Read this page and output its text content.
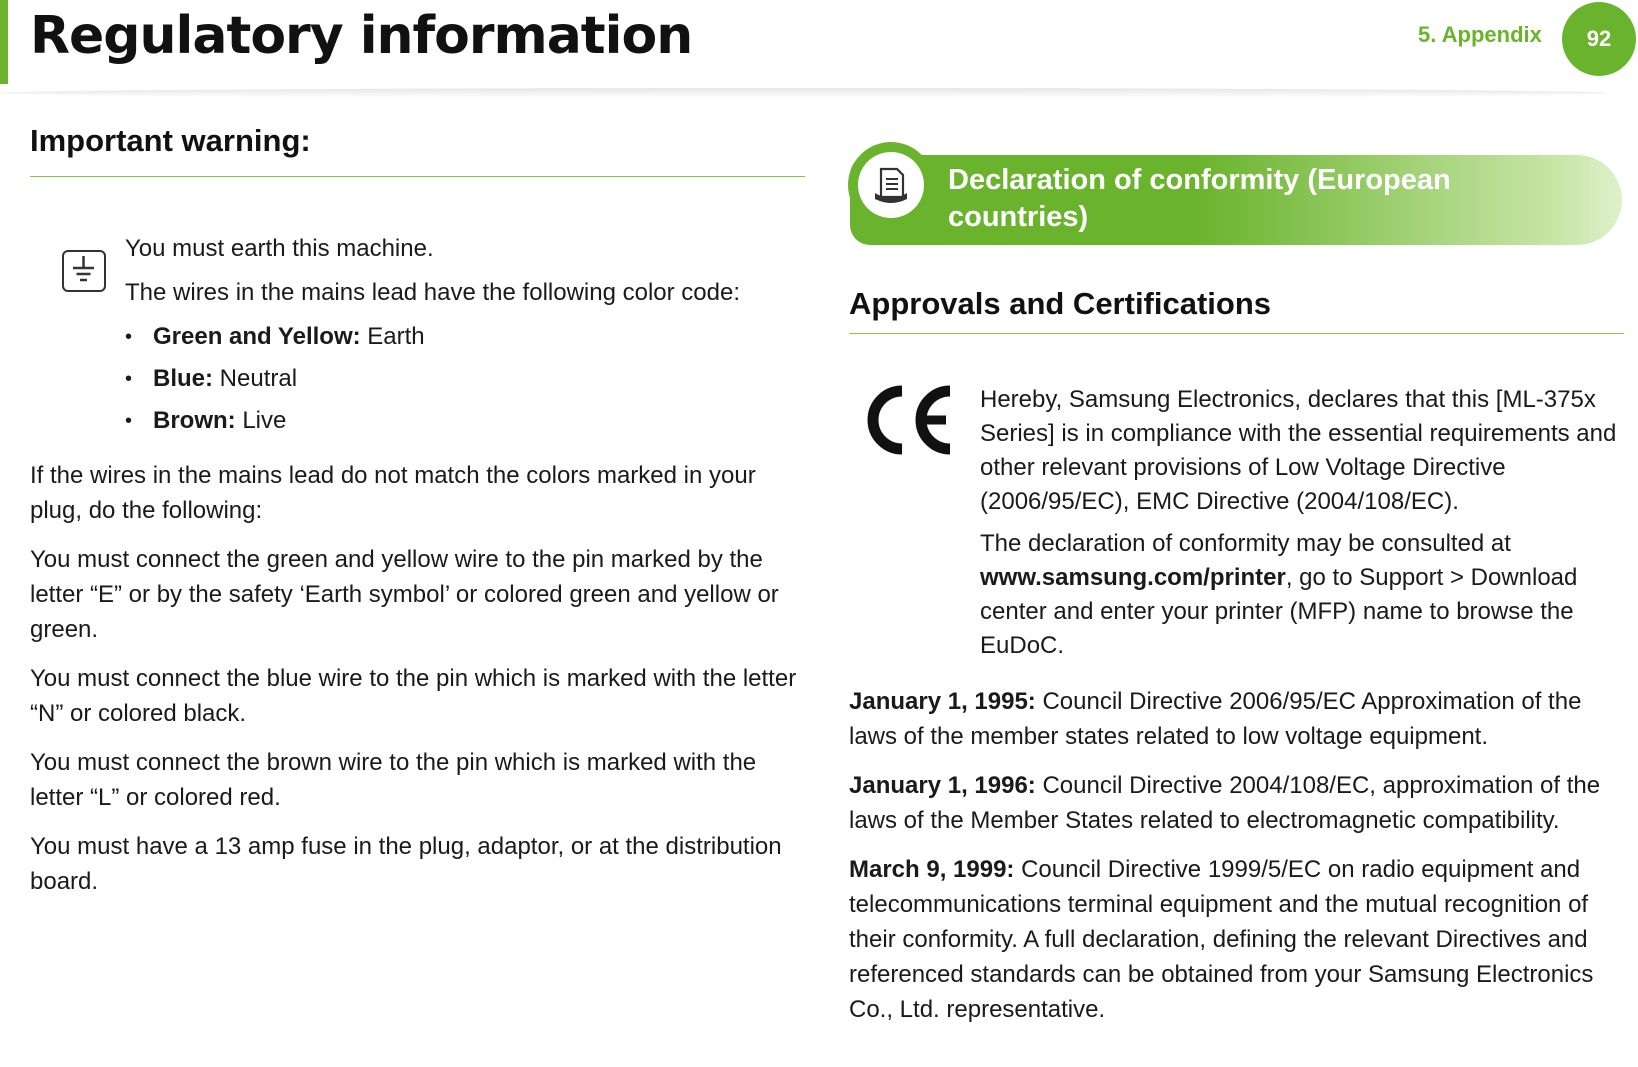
Regulatory information	5. Appendix	92
Important warning:

You must earth this machine.

The wires in the mains lead have the following color code:

• Green and Yellow: Earth
• Blue: Neutral
• Brown: Live

If the wires in the mains lead do not match the colors marked in your plug, do the following:

You must connect the green and yellow wire to the pin marked by the letter “E” or by the safety ‘Earth symbol’ or colored green and yellow or green.

You must connect the blue wire to the pin which is marked with the letter “N” or colored black.

You must connect the brown wire to the pin which is marked with the letter “L” or colored red.

You must have a 13 amp fuse in the plug, adaptor, or at the distribution board.

Declaration of conformity (European countries)
Approvals and Certifications

Hereby, Samsung Electronics, declares that this [ML-375x Series] is in compliance with the essential requirements and other relevant provisions of Low Voltage Directive (2006/95/EC), EMC Directive (2004/108/EC).

The declaration of conformity may be consulted at www.samsung.com/printer, go to Support > Download center and enter your printer (MFP) name to browse the EuDoC.

January 1, 1995: Council Directive 2006/95/EC Approximation of the laws of the member states related to low voltage equipment.

January 1, 1996: Council Directive 2004/108/EC, approximation of the laws of the Member States related to electromagnetic compatibility.

March 9, 1999: Council Directive 1999/5/EC on radio equipment and telecommunications terminal equipment and the mutual recognition of their conformity. A full declaration, defining the relevant Directives and referenced standards can be obtained from your Samsung Electronics Co., Ltd. representative.
